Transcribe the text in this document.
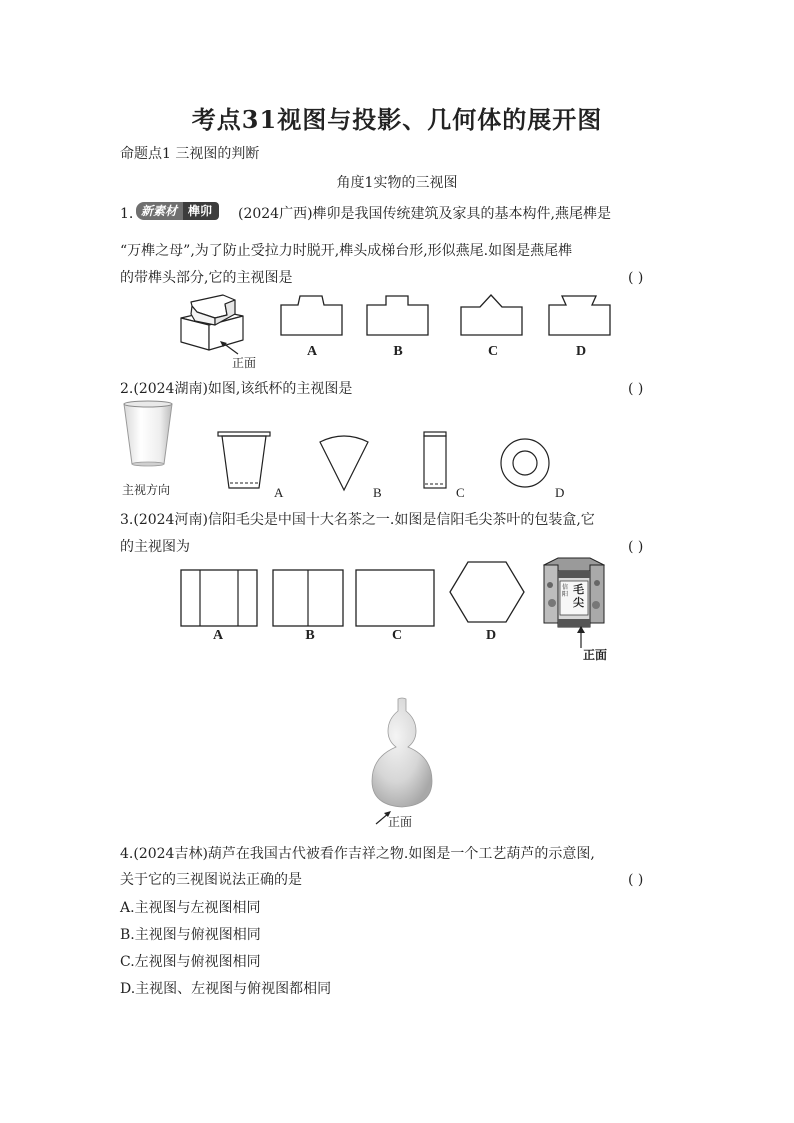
考点31视图与投影、几何体的展开图
命题点1 三视图的判断
角度1实物的三视图
1. 新素材 榫卯	(2024广西)榫卯是我国传统建筑及家具的基本构件,燕尾榫是
“万榫之母”,为了防止受拉力时脱开,榫头成梯台形,形似燕尾.如图是燕尾榫
的带榫头部分,它的主视图是	( )
正面
A	B	C	D
2.(2024湖南)如图,该纸杯的主视图是	( )
主视方向	A	B	C	D
3.(2024河南)信阳毛尖是中国十大名茶之一.如图是信阳毛尖茶叶的包装盒,它
的主视图为	( )
A	B	C	D
毛
尖
信阳
正面
正面
4.(2024吉林)葫芦在我国古代被看作吉祥之物.如图是一个工艺葫芦的示意图,
关于它的三视图说法正确的是	( )
A.主视图与左视图相同
B.主视图与俯视图相同
C.左视图与俯视图相同
D.主视图、左视图与俯视图都相同
